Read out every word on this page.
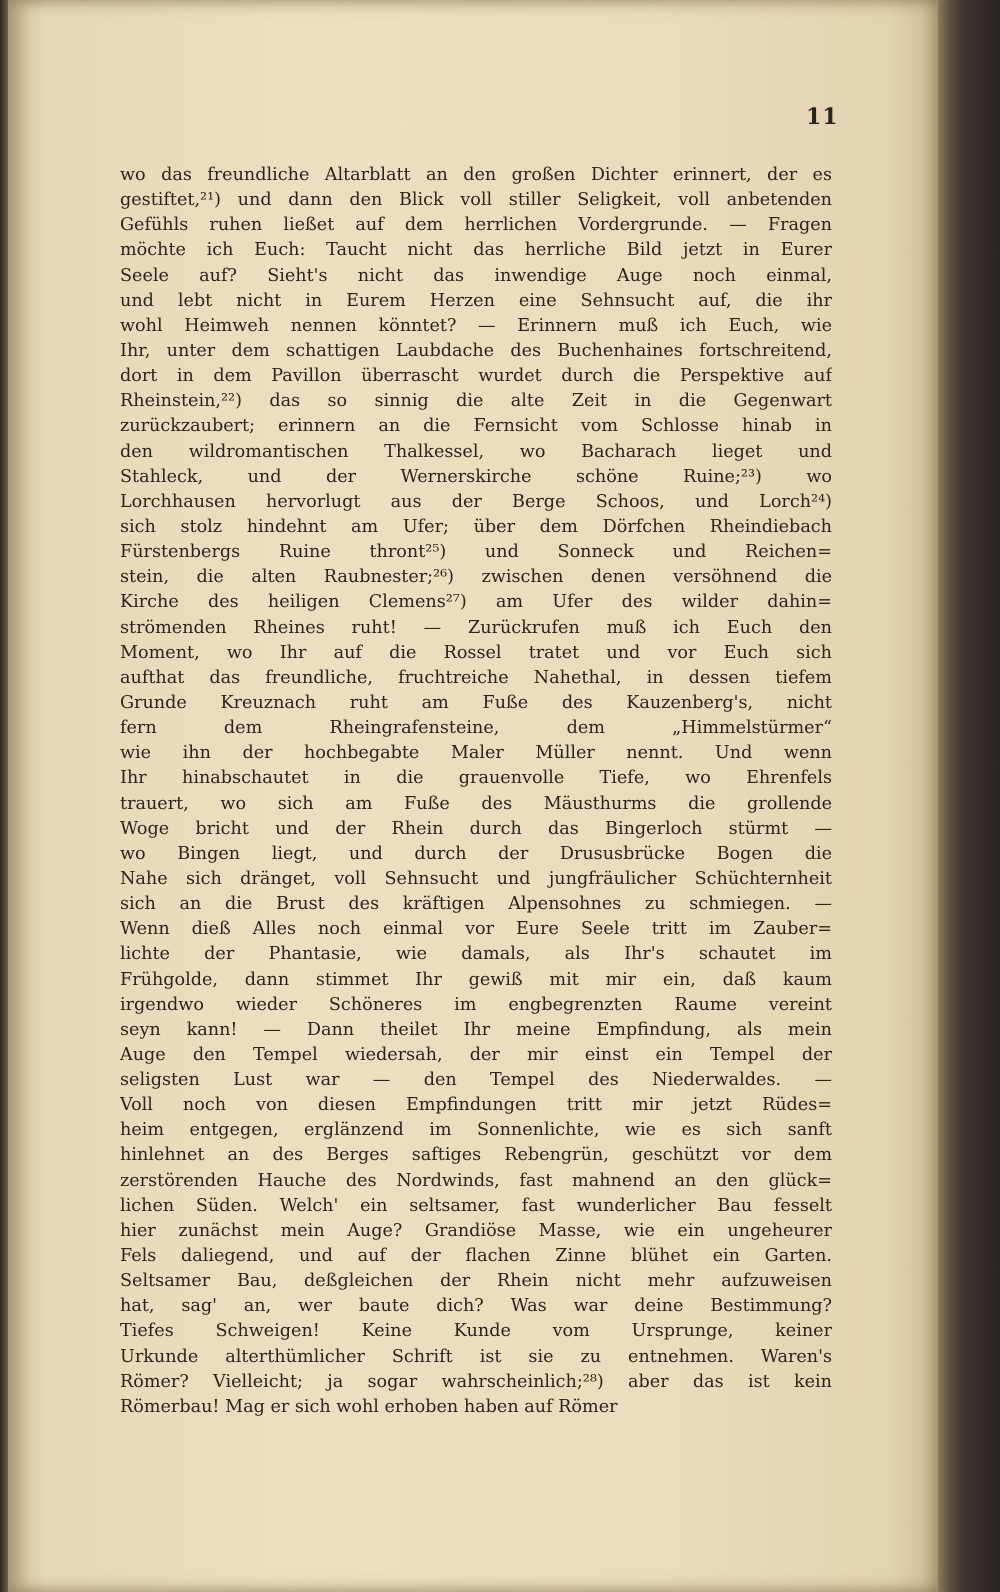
11
wo das freundliche Altarblatt an den großen Dichter erinnert, der es
gestiftet,²¹) und dann den Blick voll stiller Seligkeit, voll anbetenden
Gefühls ruhen ließet auf dem herrlichen Vordergrunde. — Fragen
möchte ich Euch: Taucht nicht das herrliche Bild jetzt in Eurer
Seele auf? Sieht's nicht das inwendige Auge noch einmal,
und lebt nicht in Eurem Herzen eine Sehnsucht auf, die ihr
wohl Heimweh nennen könntet? — Erinnern muß ich Euch, wie
Ihr, unter dem schattigen Laubdache des Buchenhaines fortschreitend,
dort in dem Pavillon überrascht wurdet durch die Perspektive auf
Rheinstein,²²) das so sinnig die alte Zeit in die Gegenwart
zurückzaubert; erinnern an die Fernsicht vom Schlosse hinab in
den wildromantischen Thalkessel, wo Bacharach lieget und
Stahleck, und der Wernerskirche schöne Ruine;²³) wo
Lorchhausen hervorlugt aus der Berge Schoos, und Lorch²⁴)
sich stolz hindehnt am Ufer; über dem Dörfchen Rheindiebach
Fürstenbergs Ruine thront²⁵) und Sonneck und Reichen=
stein, die alten Raubnester;²⁶) zwischen denen versöhnend die
Kirche des heiligen Clemens²⁷) am Ufer des wilder dahin=
strömenden Rheines ruht! — Zurückrufen muß ich Euch den
Moment, wo Ihr auf die Rossel tratet und vor Euch sich
aufthat das freundliche, fruchtreiche Nahethal, in dessen tiefem
Grunde Kreuznach ruht am Fuße des Kauzenberg's, nicht
fern dem Rheingrafensteine, dem „Himmelstürmer“
wie ihn der hochbegabte Maler Müller nennt. Und wenn
Ihr hinabschautet in die grauenvolle Tiefe, wo Ehrenfels
trauert, wo sich am Fuße des Mäusthurms die grollende
Woge bricht und der Rhein durch das Bingerloch stürmt —
wo Bingen liegt, und durch der Drususbrücke Bogen die
Nahe sich dränget, voll Sehnsucht und jungfräulicher Schüchternheit
sich an die Brust des kräftigen Alpensohnes zu schmiegen. —
Wenn dieß Alles noch einmal vor Eure Seele tritt im Zauber=
lichte der Phantasie, wie damals, als Ihr's schautet im
Frühgolde, dann stimmet Ihr gewiß mit mir ein, daß kaum
irgendwo wieder Schöneres im engbegrenzten Raume vereint
seyn kann! — Dann theilet Ihr meine Empfindung, als mein
Auge den Tempel wiedersah, der mir einst ein Tempel der
seligsten Lust war — den Tempel des Niederwaldes. —
Voll noch von diesen Empfindungen tritt mir jetzt Rüdes=
heim entgegen, erglänzend im Sonnenlichte, wie es sich sanft
hinlehnet an des Berges saftiges Rebengrün, geschützt vor dem
zerstörenden Hauche des Nordwinds, fast mahnend an den glück=
lichen Süden. Welch' ein seltsamer, fast wunderlicher Bau fesselt
hier zunächst mein Auge? Grandiöse Masse, wie ein ungeheurer
Fels daliegend, und auf der flachen Zinne blühet ein Garten.
Seltsamer Bau, deßgleichen der Rhein nicht mehr aufzuweisen
hat, sag' an, wer baute dich? Was war deine Bestimmung?
Tiefes Schweigen! Keine Kunde vom Ursprunge, keiner
Urkunde alterthümlicher Schrift ist sie zu entnehmen. Waren's
Römer? Vielleicht; ja sogar wahrscheinlich;²⁸) aber das ist kein
Römerbau! Mag er sich wohl erhoben haben auf Römer
